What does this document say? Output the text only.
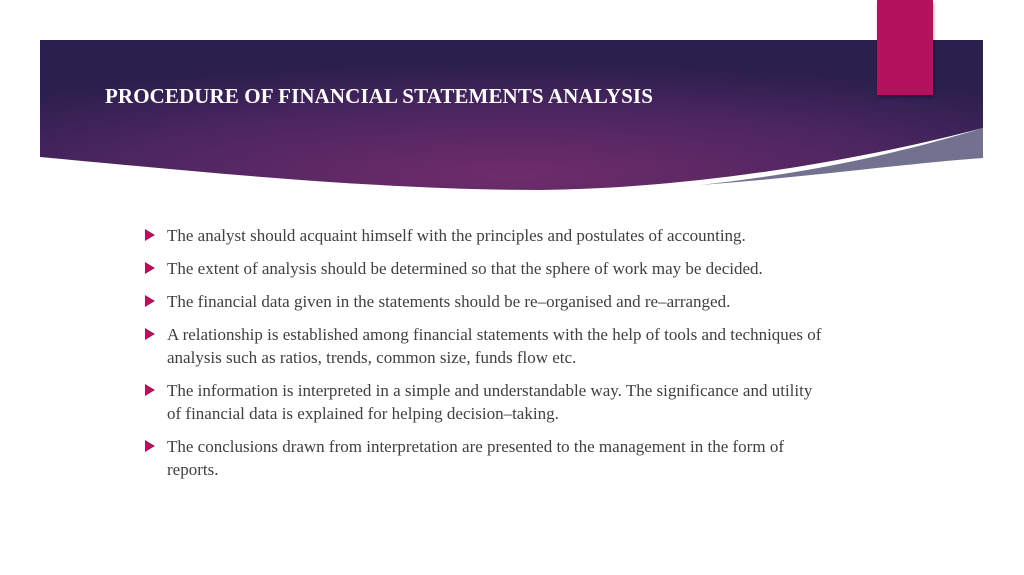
PROCEDURE OF FINANCIAL STATEMENTS ANALYSIS
The analyst should acquaint himself with the principles and postulates of accounting.
The extent of analysis should be determined so that the sphere of work may be decided.
The financial data given in the statements should be re–organised and re–arranged.
A relationship is established among financial statements with the help of tools and techniques of analysis such as ratios, trends, common size, funds flow etc.
The information is interpreted in a simple and understandable way. The significance and utility of financial data is explained for helping decision–taking.
The conclusions drawn from interpretation are presented to the management in the form of reports.
